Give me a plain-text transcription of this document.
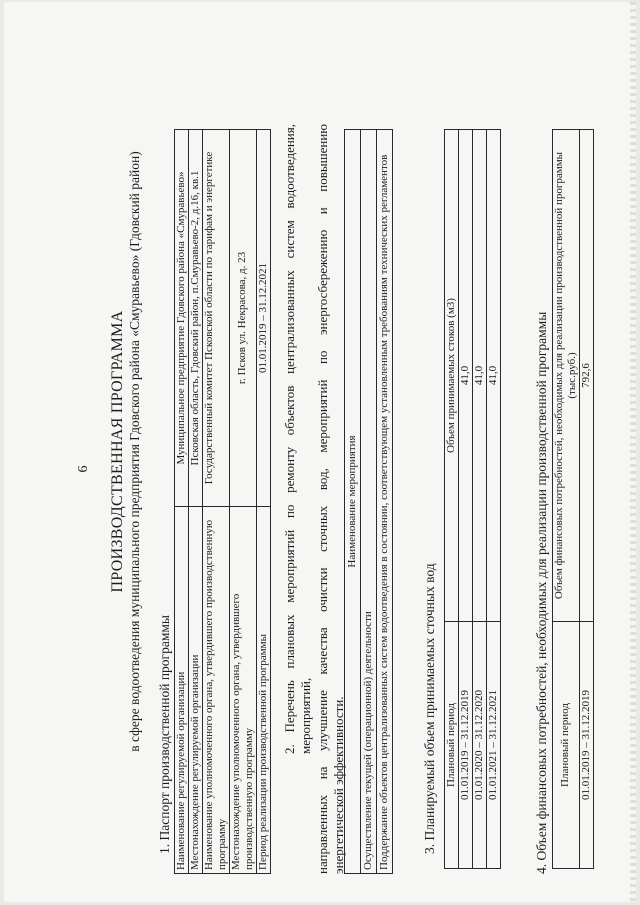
6 ПРОИЗВОДСТВЕННАЯ ПРОГРАММА в сфере водоотведения муниципального предприятия Гдовского района «Смуравьево» (Гдовский район) 1. Паспорт производственной программы Наименование регулируемой организации	Муниципальное предприятие Гдовского района «Смуравьево»
Местонахождение регулируемой организации	Псковская область, Гдовский район, п.Смуравьево-2, д.16, кв.1
Наименование уполномоченного органа, утвердившего производственную программу	Государственный комитет Псковской области по тарифам и энергетике
Местонахождение уполномоченного органа, утвердившего производственную программу	г. Псков ул. Некрасова, д. 23
Период реализации производственной программы	01.01.2019 – 31.12.2021 2. Перечень плановых мероприятий по ремонту объектов централизованных систем водоотведения, мероприятий, направленных на улучшение качества очистки сточных вод, мероприятий по энергосбережению и повышению энергетической эффективности.
Наименование мероприятия
Осуществление текущей (операционной) деятельности
Поддержание объектов централизованных систем водоотведения в состоянии, соответствующем установленным требованиям технических регламентов 3. Планируемый объем принимаемых сточных вод Плановый период	Объем принимаемых стоков (м3)
01.01.2019 – 31.12.2019	41,0
01.01.2020 – 31.12.2020	41,0
01.01.2021 – 31.12.2021	41,0	4. Объем финансовых потребностей, необходимых для реализации производственной программы Плановый период	Объем финансовых потребностей, необходимых для реализации производственной программы (тыс.руб.)
01.01.2019 – 31.12.2019	792,6
